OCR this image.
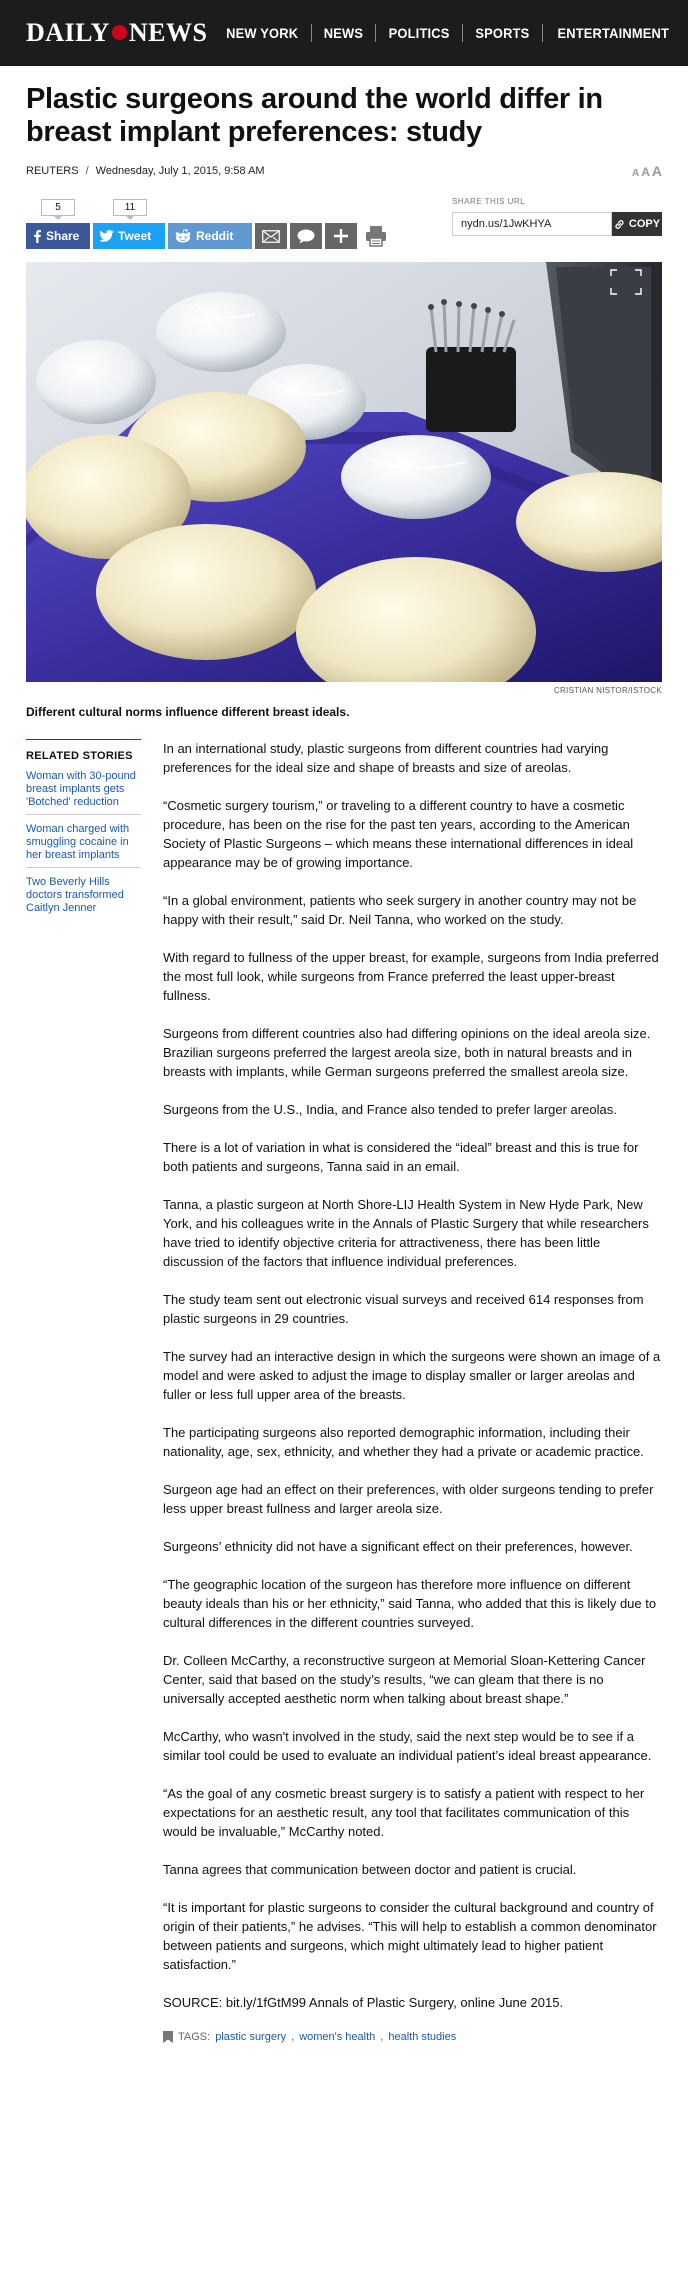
DAILY NEWS	NEW YORK	NEWS	POLITICS	SPORTS	ENTERTAINMENT
Plastic surgeons around the world differ in breast implant preferences: study
REUTERS / Wednesday, July 1, 2015, 9:58 AM	A A A
5	11
Share	Tweet	Reddit
SHARE THIS URL
nydn.us/1JwKHYA
COPY
CRISTIAN NISTOR/ISTOCK
Different cultural norms influence different breast ideals.
RELATED STORIES
Woman with 30-pound breast implants gets 'Botched' reduction
Woman charged with smuggling cocaine in her breast implants
Two Beverly Hills doctors transformed Caitlyn Jenner

In an international study, plastic surgeons from different countries had varying preferences for the ideal size and shape of breasts and size of areolas.

“Cosmetic surgery tourism,” or traveling to a different country to have a cosmetic procedure, has been on the rise for the past ten years, according to the American Society of Plastic Surgeons – which means these international differences in ideal appearance may be of growing importance.

“In a global environment, patients who seek surgery in another country may not be happy with their result,” said Dr. Neil Tanna, who worked on the study.

With regard to fullness of the upper breast, for example, surgeons from India preferred the most full look, while surgeons from France preferred the least upper-breast fullness.

Surgeons from different countries also had differing opinions on the ideal areola size. Brazilian surgeons preferred the largest areola size, both in natural breasts and in breasts with implants, while German surgeons preferred the smallest areola size.

Surgeons from the U.S., India, and France also tended to prefer larger areolas.

There is a lot of variation in what is considered the “ideal” breast and this is true for both patients and surgeons, Tanna said in an email.

Tanna, a plastic surgeon at North Shore-LIJ Health System in New Hyde Park, New York, and his colleagues write in the Annals of Plastic Surgery that while researchers have tried to identify objective criteria for attractiveness, there has been little discussion of the factors that influence individual preferences.

The study team sent out electronic visual surveys and received 614 responses from plastic surgeons in 29 countries.

The survey had an interactive design in which the surgeons were shown an image of a model and were asked to adjust the image to display smaller or larger areolas and fuller or less full upper area of the breasts.

The participating surgeons also reported demographic information, including their nationality, age, sex, ethnicity, and whether they had a private or academic practice.

Surgeon age had an effect on their preferences, with older surgeons tending to prefer less upper breast fullness and larger areola size.

Surgeons’ ethnicity did not have a significant effect on their preferences, however.

“The geographic location of the surgeon has therefore more influence on different beauty ideals than his or her ethnicity,” said Tanna, who added that this is likely due to cultural differences in the different countries surveyed.

Dr. Colleen McCarthy, a reconstructive surgeon at Memorial Sloan-Kettering Cancer Center, said that based on the study’s results, “we can gleam that there is no universally accepted aesthetic norm when talking about breast shape.”

McCarthy, who wasn't involved in the study, said the next step would be to see if a similar tool could be used to evaluate an individual patient’s ideal breast appearance.

“As the goal of any cosmetic breast surgery is to satisfy a patient with respect to her expectations for an aesthetic result, any tool that facilitates communication of this would be invaluable,” McCarthy noted.

Tanna agrees that communication between doctor and patient is crucial.

“It is important for plastic surgeons to consider the cultural background and country of origin of their patients,” he advises. “This will help to establish a common denominator between patients and surgeons, which might ultimately lead to higher patient satisfaction.”

SOURCE: bit.ly/1fGtM99 Annals of Plastic Surgery, online June 2015.

TAGS: plastic surgery , women's health , health studies
